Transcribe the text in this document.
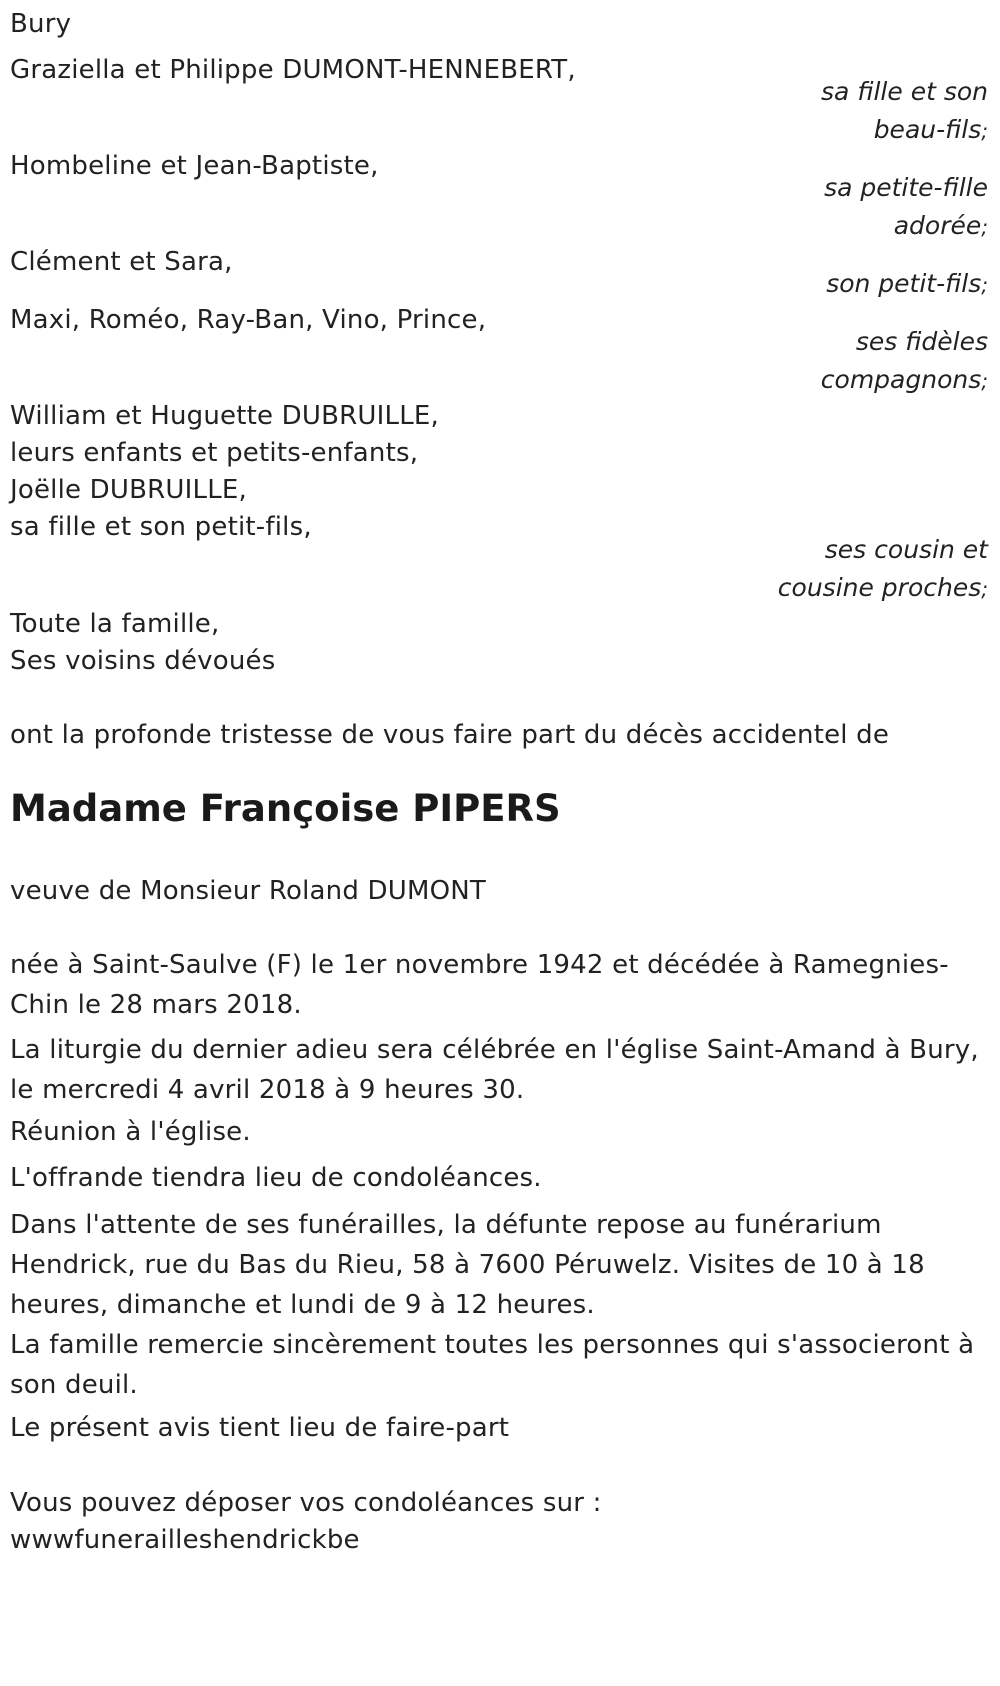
Bury
Graziella et Philippe DUMONT-HENNEBERT,
sa fille et son
beau-fils;
Hombeline et Jean-Baptiste,
sa petite-fille
adorée;
Clément et Sara,
son petit-fils;
Maxi, Roméo, Ray-Ban, Vino, Prince,
ses fidèles
compagnons;
William et Huguette DUBRUILLE,
leurs enfants et petits-enfants,
Joëlle DUBRUILLE,
sa fille et son petit-fils,
ses cousin et
cousine proches;
Toute la famille,
Ses voisins dévoués
ont la profonde tristesse de vous faire part du décès accidentel de
Madame Françoise PIPERS
veuve de Monsieur Roland DUMONT
née à Saint-Saulve (F) le 1er novembre 1942 et décédée à Ramegnies-Chin le 28 mars 2018.
La liturgie du dernier adieu sera célébrée en l'église Saint-Amand à Bury, le mercredi 4 avril 2018 à 9 heures 30.
Réunion à l'église.
L'offrande tiendra lieu de condoléances.
Dans l'attente de ses funérailles, la défunte repose au funérarium Hendrick, rue du Bas du Rieu, 58 à 7600 Péruwelz. Visites de 10 à 18 heures, dimanche et lundi de 9 à 12 heures.
La famille remercie sincèrement toutes les personnes qui s'associeront à son deuil.
Le présent avis tient lieu de faire-part
Vous pouvez déposer vos condoléances sur :
wwwfunerailleshendrickbe
